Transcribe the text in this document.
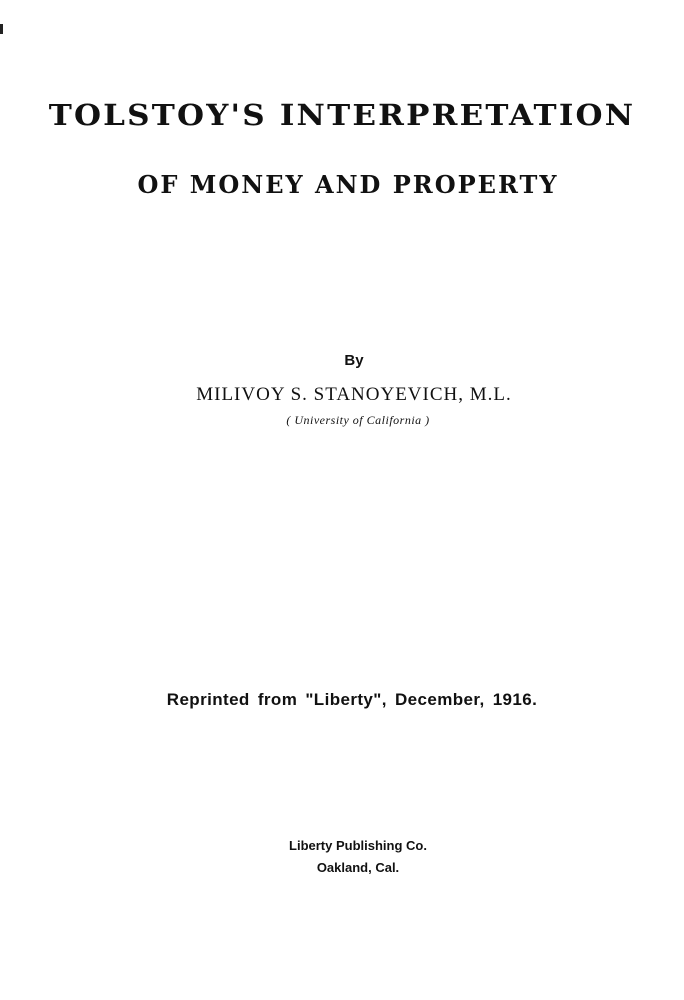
TOLSTOY'S INTERPRETATION
OF MONEY AND PROPERTY
By
MILIVOY S. STANOYEVICH, M.L.
( University of California )
Reprinted from "Liberty", December, 1916.
Liberty Publishing Co.
Oakland, Cal.
